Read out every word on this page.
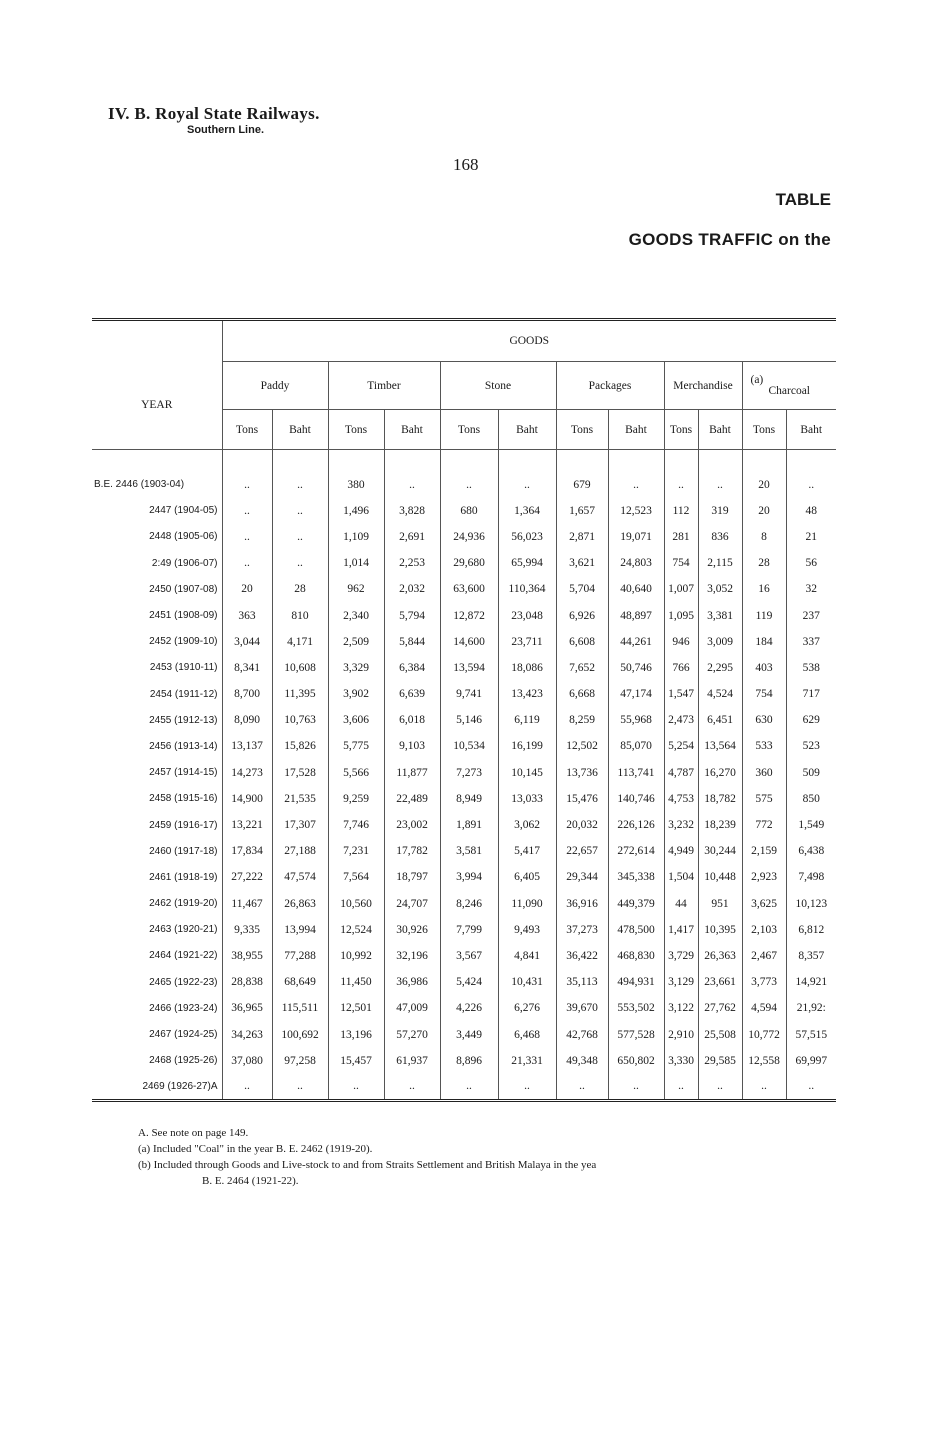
IV. B. Royal State Railways.
Southern Line.
168
TABLE
GOODS TRAFFIC on the
	GOODS											
YEAR	Paddy		Timber		Stone		Packages		Merchandise		(a)
Charcoal	
	Tons	Baht	Tons	Baht	Tons	Baht	Tons	Baht	Tons	Baht	Tons	Baht

B.E. 2446 (1903-04)	..	..	380	..	..	..	679	..	..	..	20	..
2447 (1904-05)	..	..	1,496	3,828	680	1,364	1,657	12,523	112	319	20	48
2448 (1905-06)	..	..	1,109	2,691	24,936	56,023	2,871	19,071	281	836	8	21
2:49 (1906-07)	..	..	1,014	2,253	29,680	65,994	3,621	24,803	754	2,115	28	56
2450 (1907-08)	20	28	962	2,032	63,600	110,364	5,704	40,640	1,007	3,052	16	32
2451 (1908-09)	363	810	2,340	5,794	12,872	23,048	6,926	48,897	1,095	3,381	119	237
2452 (1909-10)	3,044	4,171	2,509	5,844	14,600	23,711	6,608	44,261	946	3,009	184	337
2453 (1910-11)	8,341	10,608	3,329	6,384	13,594	18,086	7,652	50,746	766	2,295	403	538
2454 (1911-12)	8,700	11,395	3,902	6,639	9,741	13,423	6,668	47,174	1,547	4,524	754	717
2455 (1912-13)	8,090	10,763	3,606	6,018	5,146	6,119	8,259	55,968	2,473	6,451	630	629
2456 (1913-14)	13,137	15,826	5,775	9,103	10,534	16,199	12,502	85,070	5,254	13,564	533	523
2457 (1914-15)	14,273	17,528	5,566	11,877	7,273	10,145	13,736	113,741	4,787	16,270	360	509
2458 (1915-16)	14,900	21,535	9,259	22,489	8,949	13,033	15,476	140,746	4,753	18,782	575	850
2459 (1916-17)	13,221	17,307	7,746	23,002	1,891	3,062	20,032	226,126	3,232	18,239	772	1,549
2460 (1917-18)	17,834	27,188	7,231	17,782	3,581	5,417	22,657	272,614	4,949	30,244	2,159	6,438
2461 (1918-19)	27,222	47,574	7,564	18,797	3,994	6,405	29,344	345,338	1,504	10,448	2,923	7,498
2462 (1919-20)	11,467	26,863	10,560	24,707	8,246	11,090	36,916	449,379	44	951	3,625	10,123
2463 (1920-21)	9,335	13,994	12,524	30,926	7,799	9,493	37,273	478,500	1,417	10,395	2,103	6,812
2464 (1921-22)	38,955	77,288	10,992	32,196	3,567	4,841	36,422	468,830	3,729	26,363	2,467	8,357
2465 (1922-23)	28,838	68,649	11,450	36,986	5,424	10,431	35,113	494,931	3,129	23,661	3,773	14,921
2466 (1923-24)	36,965	115,511	12,501	47,009	4,226	6,276	39,670	553,502	3,122	27,762	4,594	21,92:
2467 (1924-25)	34,263	100,692	13,196	57,270	3,449	6,468	42,768	577,528	2,910	25,508	10,772	57,515
2468 (1925-26)	37,080	97,258	15,457	61,937	8,896	21,331	49,348	650,802	3,330	29,585	12,558	69,997
2469 (1926-27)A	..	..	..	..	..	..	..	..	..	..	..	..
A. See note on page 149.
(a) Included "Coal" in the year B. E. 2462 (1919-20).
(b) Included through Goods and Live-stock to and from Straits Settlement and British Malaya in the yea
B. E. 2464 (1921-22).
